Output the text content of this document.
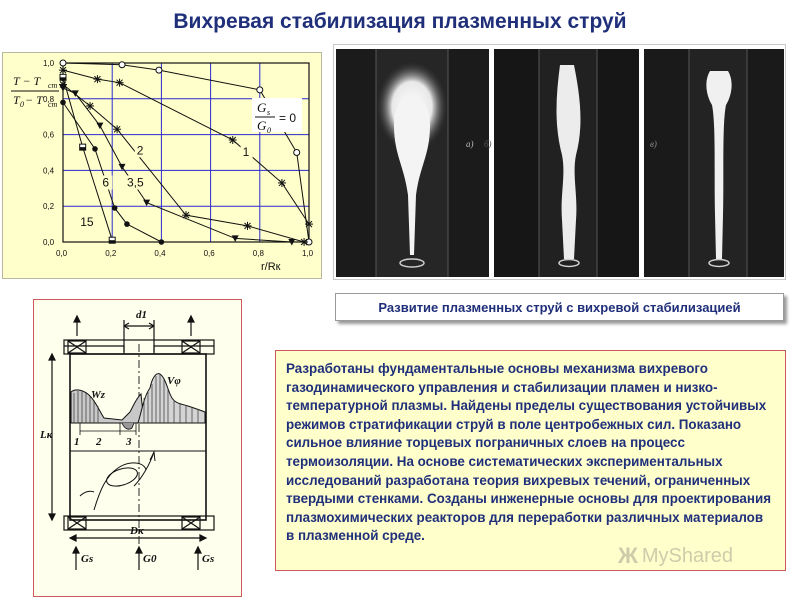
Вихревая стабилизация плазменных струй
0,0	0,2	0,4	0,6	0,8	1,0
0,0
0,2
0,4
0,6
0,8
1,0
1
2
3,5
6
15
T − T ст
T 0 − T ст	G s
G 0
= 0
r/Rк
а) б)	в)
Развитие плазменных струй с вихревой стабилизацией
d1
Vφ
Wz
Lк
1 2 3
Dк
Gs	G0	Gs
Разработаны фундаментальные основы механизма вихревого газодинамического управления и стабилизации пламен и низко-температурной плазмы. Найдены пределы существования устойчивых режимов стратификации струй в поле центробежных сил. Показано сильное влияние торцевых пограничных слоев на процесс термоизоляции. На основе систематических экспериментальных исследований разработана теория вихревых течений, ограниченных твердыми стенками. Созданы инженерные основы для проектирования плазмохимических реакторов для переработки различных материалов в плазменной среде.
Ж MyShared
